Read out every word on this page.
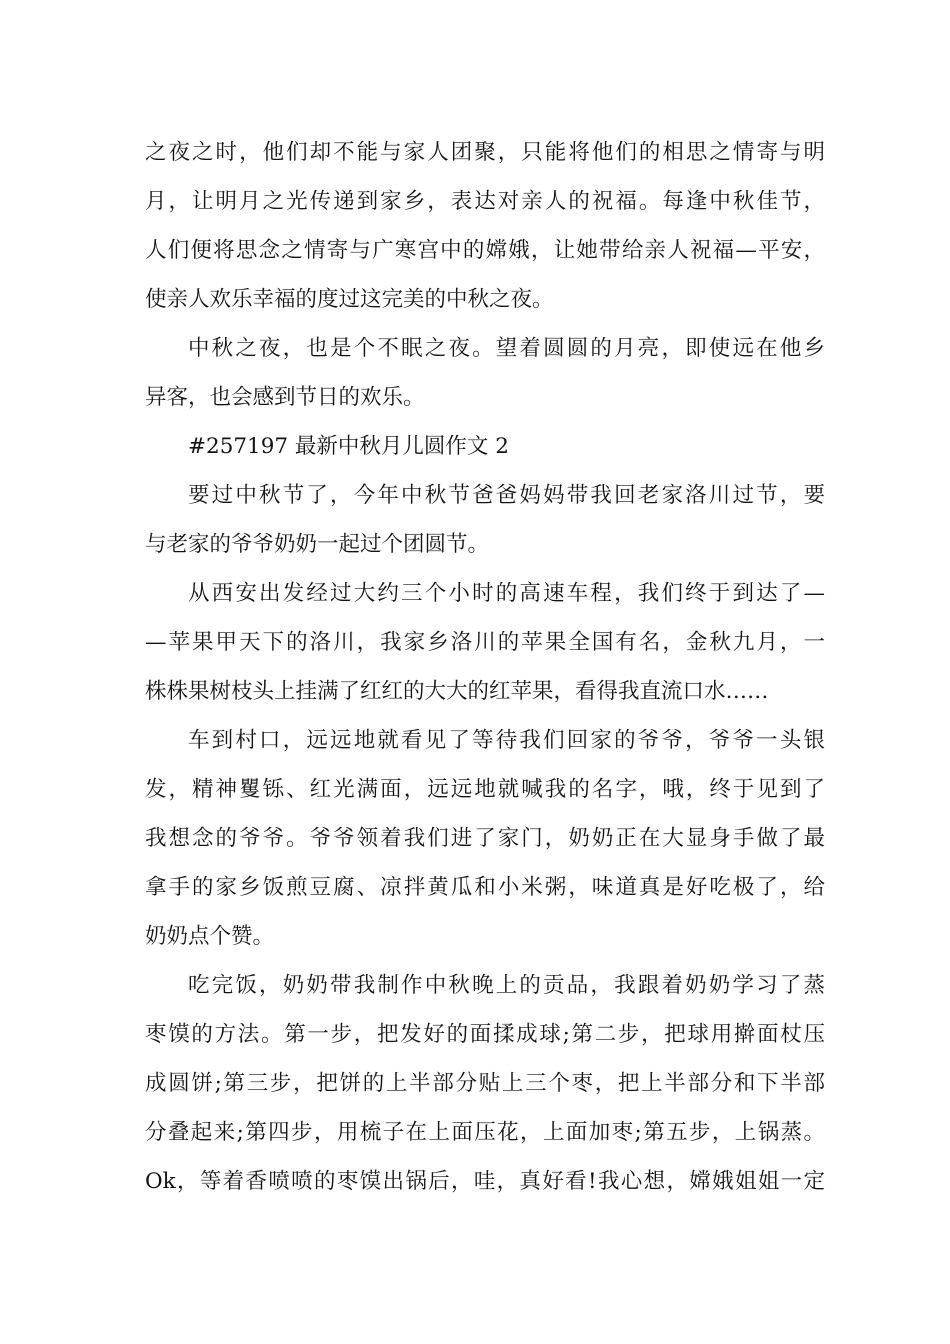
之夜之时，他们却不能与家人团聚，只能将他们的相思之情寄与明
月，让明月之光传递到家乡，表达对亲人的祝福。每逢中秋佳节，
人们便将思念之情寄与广寒宫中的嫦娥，让她带给亲人祝福—平安，
使亲人欢乐幸福的度过这完美的中秋之夜。
中秋之夜，也是个不眠之夜。望着圆圆的月亮，即使远在他乡
异客，也会感到节日的欢乐。
#257197 最新中秋月儿圆作文 2
要过中秋节了，今年中秋节爸爸妈妈带我回老家洛川过节，要
与老家的爷爷奶奶一起过个团圆节。
从西安出发经过大约三个小时的高速车程，我们终于到达了—
—苹果甲天下的洛川，我家乡洛川的苹果全国有名，金秋九月，一
株株果树枝头上挂满了红红的大大的红苹果，看得我直流口水……
车到村口，远远地就看见了等待我们回家的爷爷，爷爷一头银
发，精神矍铄、红光满面，远远地就喊我的名字，哦，终于见到了
我想念的爷爷。爷爷领着我们进了家门，奶奶正在大显身手做了最
拿手的家乡饭煎豆腐、凉拌黄瓜和小米粥，味道真是好吃极了，给
奶奶点个赞。
吃完饭，奶奶带我制作中秋晚上的贡品，我跟着奶奶学习了蒸
枣馍的方法。第一步，把发好的面揉成球;第二步，把球用擀面杖压
成圆饼;第三步，把饼的上半部分贴上三个枣，把上半部分和下半部
分叠起来;第四步，用梳子在上面压花，上面加枣;第五步，上锅蒸。
Ok，等着香喷喷的枣馍出锅后，哇，真好看!我心想，嫦娥姐姐一定
